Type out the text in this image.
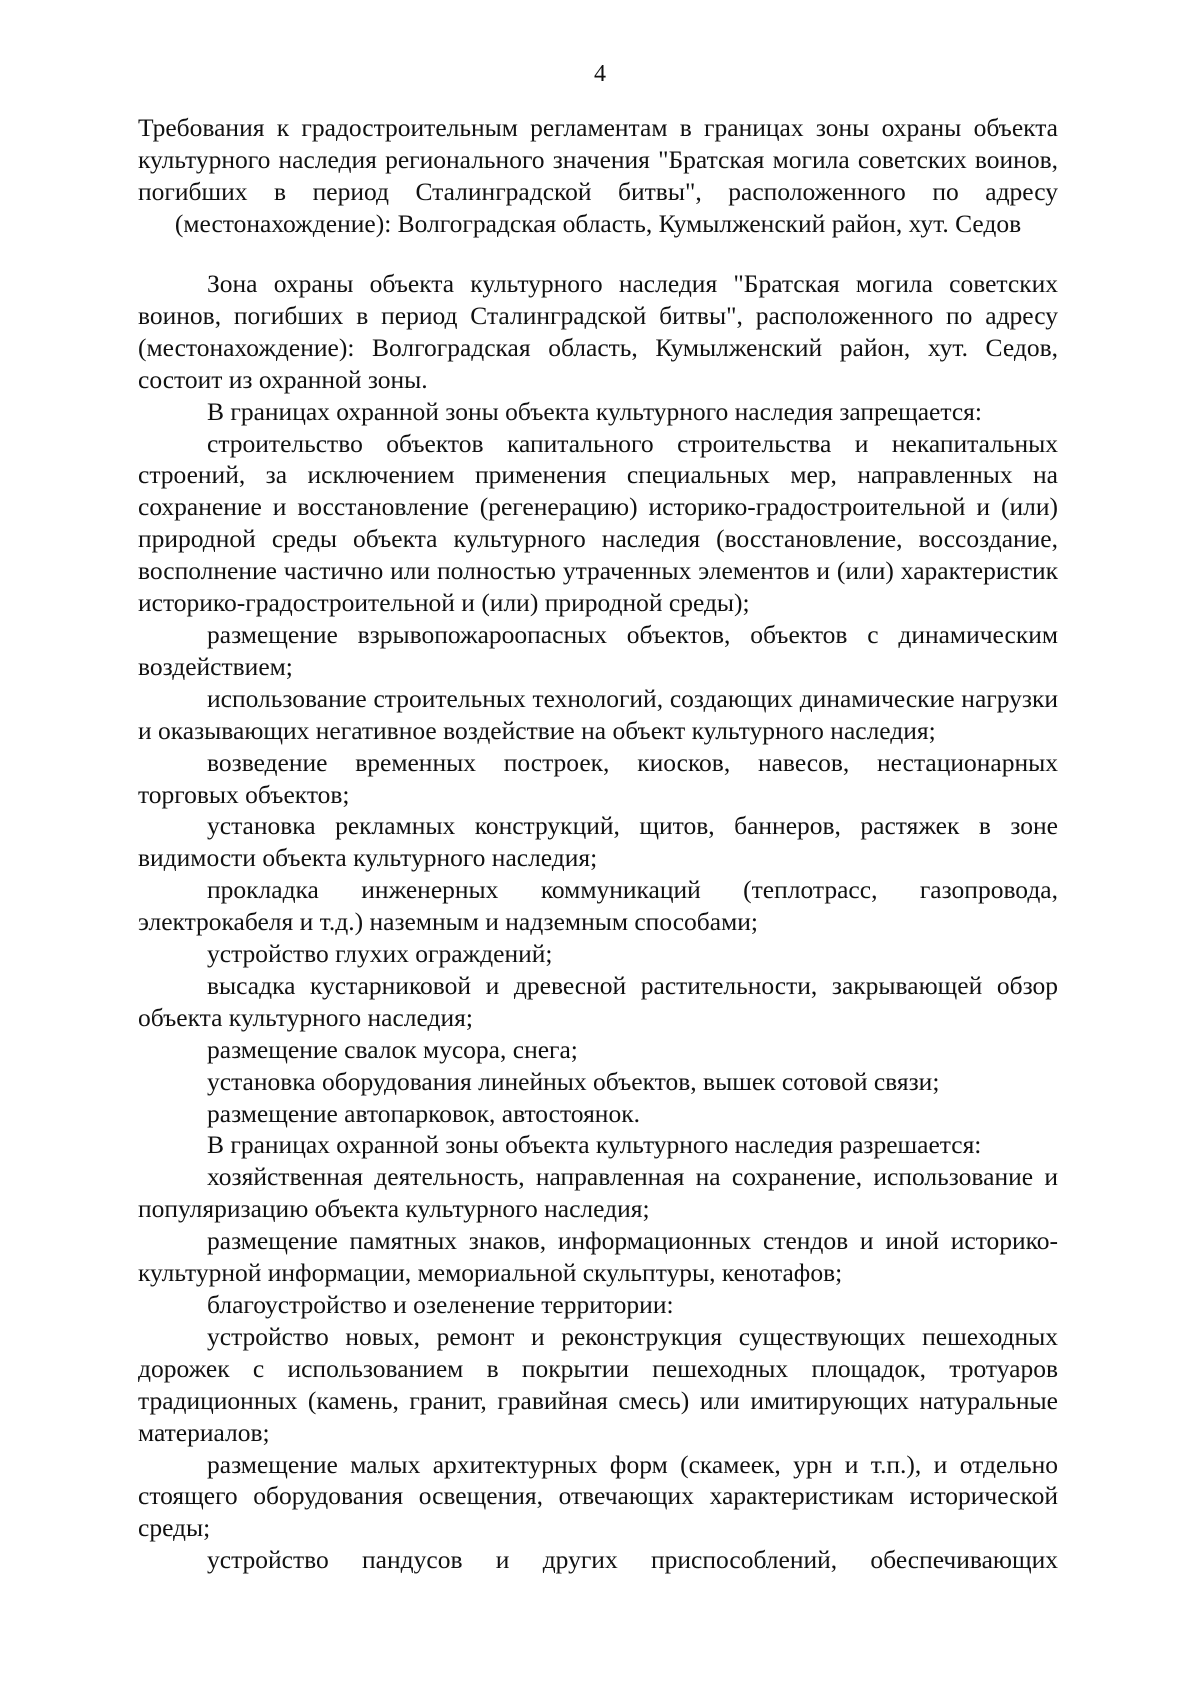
4
Требования к градостроительным регламентам в границах зоны охраны объекта культурного наследия регионального значения "Братская могила советских воинов, погибших в период Сталинградской битвы", расположенного по адресу (местонахождение): Волгоградская область, Кумылженский район, хут. Седов

Зона охраны объекта культурного наследия "Братская могила советских воинов, погибших в период Сталинградской битвы", расположенного по адресу (местонахождение): Волгоградская область, Кумылженский район, хут. Седов, состоит из охранной зоны.

В границах охранной зоны объекта культурного наследия запрещается:

строительство объектов капитального строительства и некапитальных строений, за исключением применения специальных мер, направленных на сохранение и восстановление (регенерацию) историко-градостроительной и (или) природной среды объекта культурного наследия (восстановление, воссоздание, восполнение частично или полностью утраченных элементов и (или) характеристик историко-градостроительной и (или) природной среды);

размещение взрывопожароопасных объектов, объектов с динамическим воздействием;

использование строительных технологий, создающих динамические нагрузки и оказывающих негативное воздействие на объект культурного наследия;

возведение временных построек, киосков, навесов, нестационарных торговых объектов;

установка рекламных конструкций, щитов, баннеров, растяжек в зоне видимости объекта культурного наследия;

прокладка инженерных коммуникаций (теплотрасс, газопровода, электрокабеля и т.д.) наземным и надземным способами;

устройство глухих ограждений;

высадка кустарниковой и древесной растительности, закрывающей обзор объекта культурного наследия;

размещение свалок мусора, снега;

установка оборудования линейных объектов, вышек сотовой связи;

размещение автопарковок, автостоянок.

В границах охранной зоны объекта культурного наследия разрешается:

хозяйственная деятельность, направленная на сохранение, использование и популяризацию объекта культурного наследия;

размещение памятных знаков, информационных стендов и иной историко-культурной информации, мемориальной скульптуры, кенотафов;

благоустройство и озеленение территории:

устройство новых, ремонт и реконструкция существующих пешеходных дорожек с использованием в покрытии пешеходных площадок, тротуаров традиционных (камень, гранит, гравийная смесь) или имитирующих натуральные материалов;

размещение малых архитектурных форм (скамеек, урн и т.п.), и отдельно стоящего оборудования освещения, отвечающих характеристикам исторической среды;

устройство пандусов и других приспособлений, обеспечивающих
